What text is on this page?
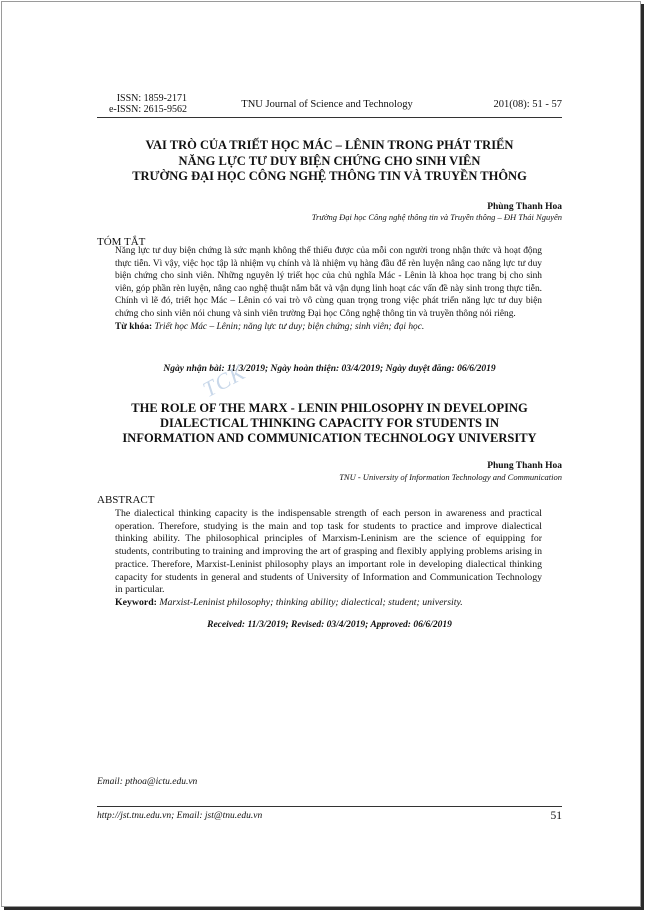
ISSN: 1859-2171
e-ISSN: 2615-9562	TNU Journal of Science and Technology	201(08): 51 - 57
VAI TRÒ CỦA TRIẾT HỌC MÁC – LÊNIN TRONG PHÁT TRIỂN
NĂNG LỰC TƯ DUY BIỆN CHỨNG CHO SINH VIÊN
TRƯỜNG ĐẠI HỌC CÔNG NGHỆ THÔNG TIN VÀ TRUYỀN THÔNG
Phùng Thanh Hoa
Trường Đại học Công nghệ thông tin và Truyền thông – ĐH Thái Nguyên
TÓM TẮT
Năng lực tư duy biện chứng là sức mạnh không thể thiếu được của mỗi con người trong nhận thức và hoạt động thực tiễn. Vì vậy, việc học tập là nhiệm vụ chính và là nhiệm vụ hàng đầu để rèn luyện nâng cao năng lực tư duy biện chứng cho sinh viên. Những nguyên lý triết học của chủ nghĩa Mác - Lênin là khoa học trang bị cho sinh viên, góp phần rèn luyện, nâng cao nghệ thuật nắm bắt và vận dụng linh hoạt các vấn đề này sinh trong thực tiễn. Chính vì lẽ đó, triết học Mác – Lênin có vai trò vô cùng quan trọng trong việc phát triển năng lực tư duy biện chứng cho sinh viên nói chung và sinh viên trường Đại học Công nghệ thông tin và truyền thông nói riêng.
Từ khóa: Triết học Mác – Lênin; năng lực tư duy; biện chứng; sinh viên; đại học.
Ngày nhận bài: 11/3/2019; Ngày hoàn thiện: 03/4/2019; Ngày duyệt đăng: 06/6/2019
TCK
THE ROLE OF THE MARX - LENIN PHILOSOPHY IN DEVELOPING
DIALECTICAL THINKING CAPACITY FOR STUDENTS IN
INFORMATION AND COMMUNICATION TECHNOLOGY UNIVERSITY
Phung Thanh Hoa
TNU - University of Information Technology and Communication
ABSTRACT
The dialectical thinking capacity is the indispensable strength of each person in awareness and practical operation. Therefore, studying is the main and top task for students to practice and improve dialectical thinking ability. The philosophical principles of Marxism-Leninism are the science of equipping for students, contributing to training and improving the art of grasping and flexibly applying problems arising in practice. Therefore, Marxist-Leninist philosophy plays an important role in developing dialectical thinking capacity for students in general and students of University of Information and Communication Technology in particular.
Keyword: Marxist-Leninist philosophy; thinking ability; dialectical; student; university.
Received: 11/3/2019; Revised: 03/4/2019; Approved: 06/6/2019
Email: pthoa@ictu.edu.vn
http://jst.tnu.edu.vn; Email: jst@tnu.edu.vn	51
